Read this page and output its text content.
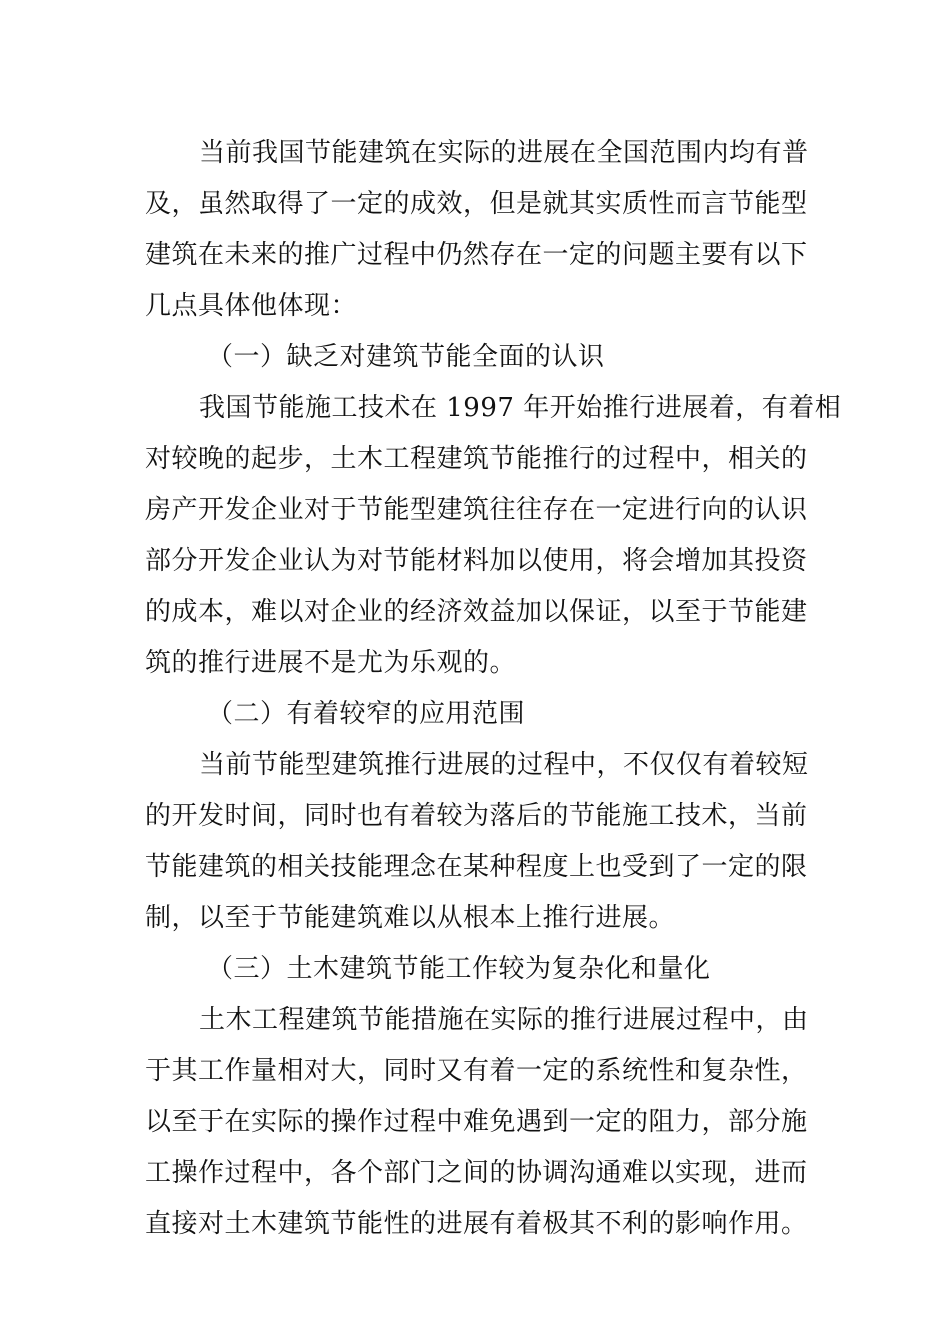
当前我国节能建筑在实际的进展在全国范围内均有普

及，虽然取得了一定的成效，但是就其实质性而言节能型

建筑在未来的推广过程中仍然存在一定的问题主要有以下

几点具体他体现：

（一）缺乏对建筑节能全面的认识

我国节能施工技术在 1997 年开始推行进展着，有着相

对较晚的起步，土木工程建筑节能推行的过程中，相关的

房产开发企业对于节能型建筑往往存在一定进行向的认识

部分开发企业认为对节能材料加以使用，将会增加其投资

的成本，难以对企业的经济效益加以保证，以至于节能建

筑的推行进展不是尤为乐观的。

（二）有着较窄的应用范围

当前节能型建筑推行进展的过程中，不仅仅有着较短

的开发时间，同时也有着较为落后的节能施工技术，当前

节能建筑的相关技能理念在某种程度上也受到了一定的限

制，以至于节能建筑难以从根本上推行进展。

（三）土木建筑节能工作较为复杂化和量化

土木工程建筑节能措施在实际的推行进展过程中，由

于其工作量相对大，同时又有着一定的系统性和复杂性，

以至于在实际的操作过程中难免遇到一定的阻力，部分施

工操作过程中，各个部门之间的协调沟通难以实现，进而

直接对土木建筑节能性的进展有着极其不利的影响作用。
